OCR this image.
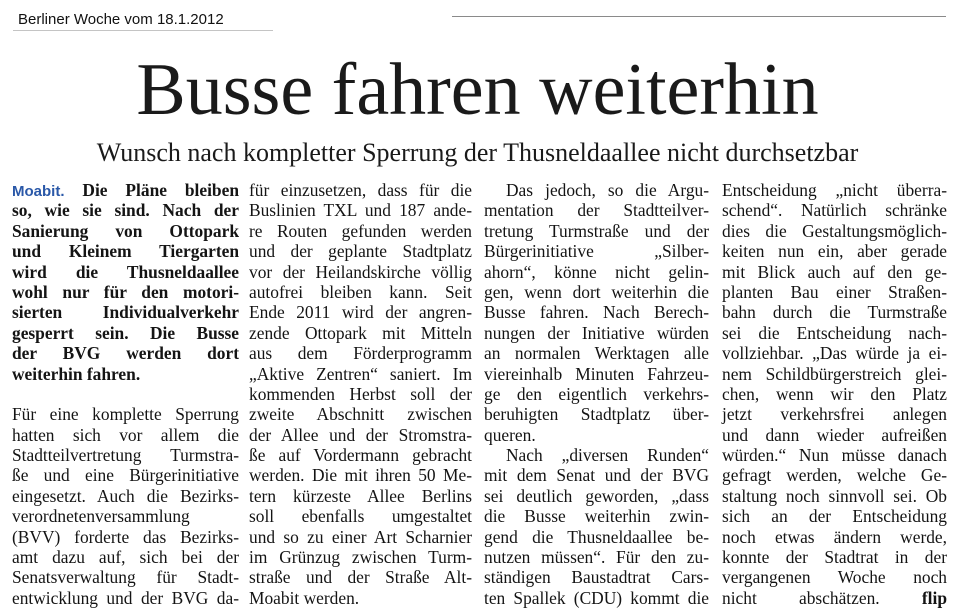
Berliner Woche vom 18.1.2012
Busse fahren weiterhin
Wunsch nach kompletter Sperrung der Thusneldaallee nicht durchsetzbar
Moabit. Die Pläne bleiben
so, wie sie sind. Nach der
Sanierung von Ottopark
und Kleinem Tiergarten
wird die Thusneldaallee
wohl nur für den motori-
sierten Individualverkehr
gesperrt sein. Die Busse
der BVG werden dort
weiterhin fahren.
Für eine komplette Sperrung
hatten sich vor allem die
Stadtteilvertretung Turmstra-
ße und eine Bürgerinitiative
eingesetzt. Auch die Bezirks-
verordnetenversammlung
(BVV) forderte das Bezirks-
amt dazu auf, sich bei der
Senatsverwaltung für Stadt-
entwicklung und der BVG da-
für einzusetzen, dass für die
Buslinien TXL und 187 ande-
re Routen gefunden werden
und der geplante Stadtplatz
vor der Heilandskirche völlig
autofrei bleiben kann. Seit
Ende 2011 wird der angren-
zende Ottopark mit Mitteln
aus dem Förderprogramm
„Aktive Zentren“ saniert. Im
kommenden Herbst soll der
zweite Abschnitt zwischen
der Allee und der Stromstra-
ße auf Vordermann gebracht
werden. Die mit ihren 50 Me-
tern kürzeste Allee Berlins
soll ebenfalls umgestaltet
und so zu einer Art Scharnier
im Grünzug zwischen Turm-
straße und der Straße Alt-
Moabit werden.
Das jedoch, so die Argu-
mentation der Stadtteilver-
tretung Turmstraße und der
Bürgerinitiative „Silber-
ahorn“, könne nicht gelin-
gen, wenn dort weiterhin die
Busse fahren. Nach Berech-
nungen der Initiative würden
an normalen Werktagen alle
viereinhalb Minuten Fahrzeu-
ge den eigentlich verkehrs-
beruhigten Stadtplatz über-
queren.
Nach „diversen Runden“
mit dem Senat und der BVG
sei deutlich geworden, „dass
die Busse weiterhin zwin-
gend die Thusneldaallee be-
nutzen müssen“. Für den zu-
ständigen Baustadtrat Cars-
ten Spallek (CDU) kommt die
Entscheidung „nicht überra-
schend“. Natürlich schränke
dies die Gestaltungsmöglich-
keiten nun ein, aber gerade
mit Blick auch auf den ge-
planten Bau einer Straßen-
bahn durch die Turmstraße
sei die Entscheidung nach-
vollziehbar. „Das würde ja ei-
nem Schildbürgerstreich glei-
chen, wenn wir den Platz
jetzt verkehrsfrei anlegen
und dann wieder aufreißen
würden.“ Nun müsse danach
gefragt werden, welche Ge-
staltung noch sinnvoll sei. Ob
sich an der Entscheidung
noch etwas ändern werde,
konnte der Stadtrat in der
vergangenen Woche noch
nicht abschätzen. flip
